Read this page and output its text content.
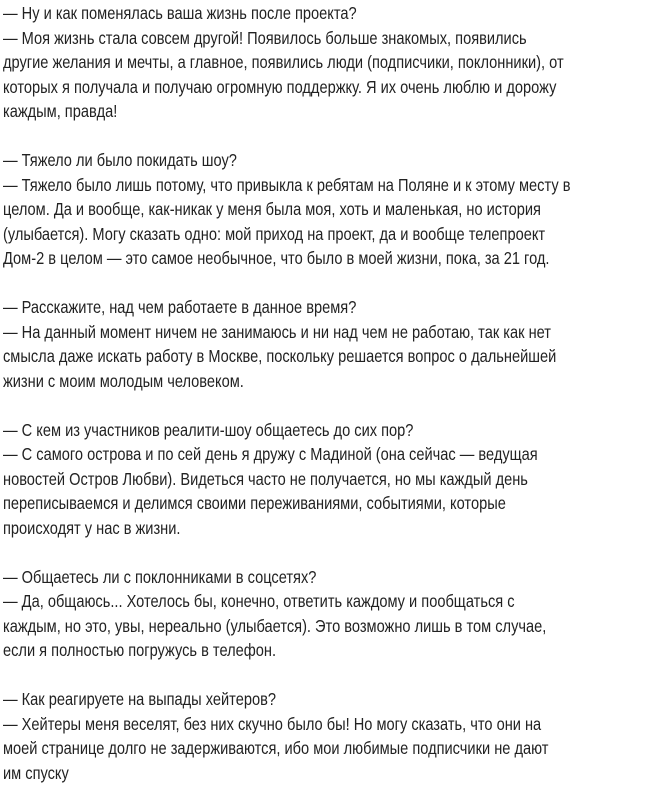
— Ну и как поменялась ваша жизнь после проекта?
— Моя жизнь стала совсем другой! Появилось больше знакомых, появились
другие желания и мечты, а главное, появились люди (подписчики, поклонники), от
которых я получала и получаю огромную поддержку. Я их очень люблю и дорожу
каждым, правда!
— Тяжело ли было покидать шоу?
— Тяжело было лишь потому, что привыкла к ребятам на Поляне и к этому месту в
целом. Да и вообще, как-никак у меня была моя, хоть и маленькая, но история
(улыбается). Могу сказать одно: мой приход на проект, да и вообще телепроект
Дом-2 в целом — это самое необычное, что было в моей жизни, пока, за 21 год.
— Расскажите, над чем работаете в данное время?
— На данный момент ничем не занимаюсь и ни над чем не работаю, так как нет
смысла даже искать работу в Москве, поскольку решается вопрос о дальнейшей
жизни с моим молодым человеком.
— С кем из участников реалити-шоу общаетесь до сих пор?
— С самого острова и по сей день я дружу с Мадиной (она сейчас — ведущая
новостей Остров Любви). Видеться часто не получается, но мы каждый день
переписываемся и делимся своими переживаниями, событиями, которые
происходят у нас в жизни.
— Общаетесь ли с поклонниками в соцсетях?
— Да, общаюсь... Хотелось бы, конечно, ответить каждому и пообщаться с
каждым, но это, увы, нереально (улыбается). Это возможно лишь в том случае,
если я полностью погружусь в телефон.
— Как реагируете на выпады хейтеров?
— Хейтеры меня веселят, без них скучно было бы! Но могу сказать, что они на
моей странице долго не задерживаются, ибо мои любимые подписчики не дают
им спуску
